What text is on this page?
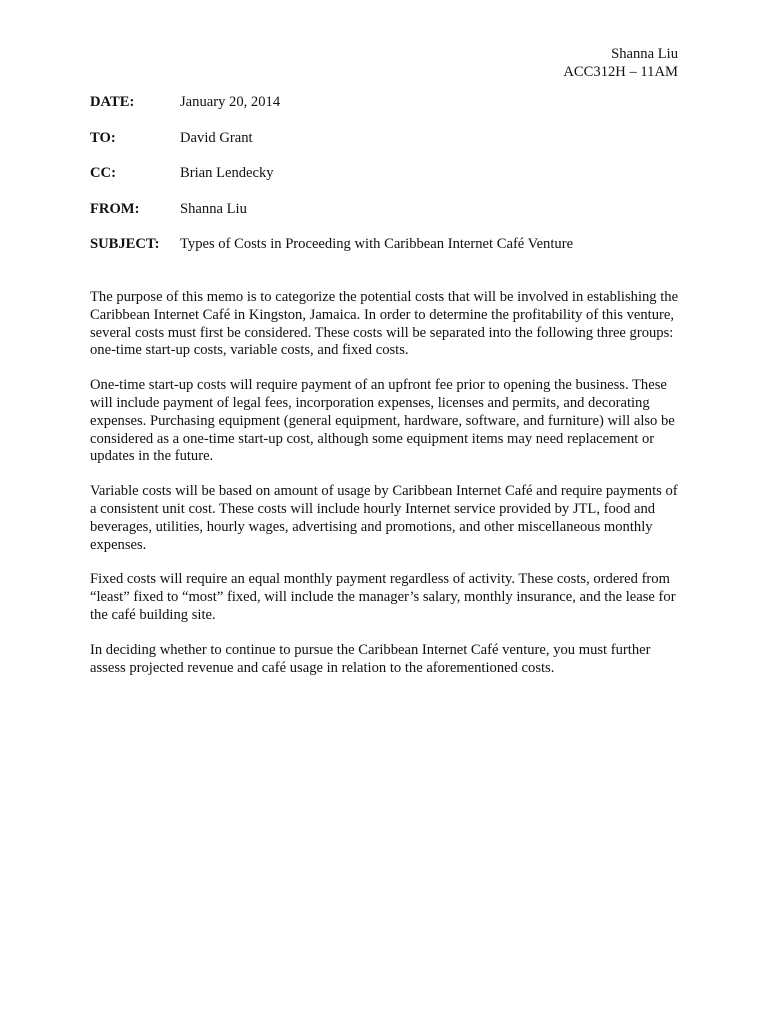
Shanna Liu
ACC312H – 11AM
DATE:	January 20, 2014
TO:	David Grant
CC:	Brian Lendecky
FROM:	Shanna Liu
SUBJECT:	Types of Costs in Proceeding with Caribbean Internet Café Venture

The purpose of this memo is to categorize the potential costs that will be involved in establishing the Caribbean Internet Café in Kingston, Jamaica. In order to determine the profitability of this venture, several costs must first be considered. These costs will be separated into the following three groups: one-time start-up costs, variable costs, and fixed costs.

One-time start-up costs will require payment of an upfront fee prior to opening the business. These will include payment of legal fees, incorporation expenses, licenses and permits, and decorating expenses. Purchasing equipment (general equipment, hardware, software, and furniture) will also be considered as a one-time start-up cost, although some equipment items may need replacement or updates in the future.

Variable costs will be based on amount of usage by Caribbean Internet Café and require payments of a consistent unit cost. These costs will include hourly Internet service provided by JTL, food and beverages, utilities, hourly wages, advertising and promotions, and other miscellaneous monthly expenses.

Fixed costs will require an equal monthly payment regardless of activity. These costs, ordered from “least” fixed to “most” fixed, will include the manager’s salary, monthly insurance, and the lease for the café building site.

In deciding whether to continue to pursue the Caribbean Internet Café venture, you must further assess projected revenue and café usage in relation to the aforementioned costs.
